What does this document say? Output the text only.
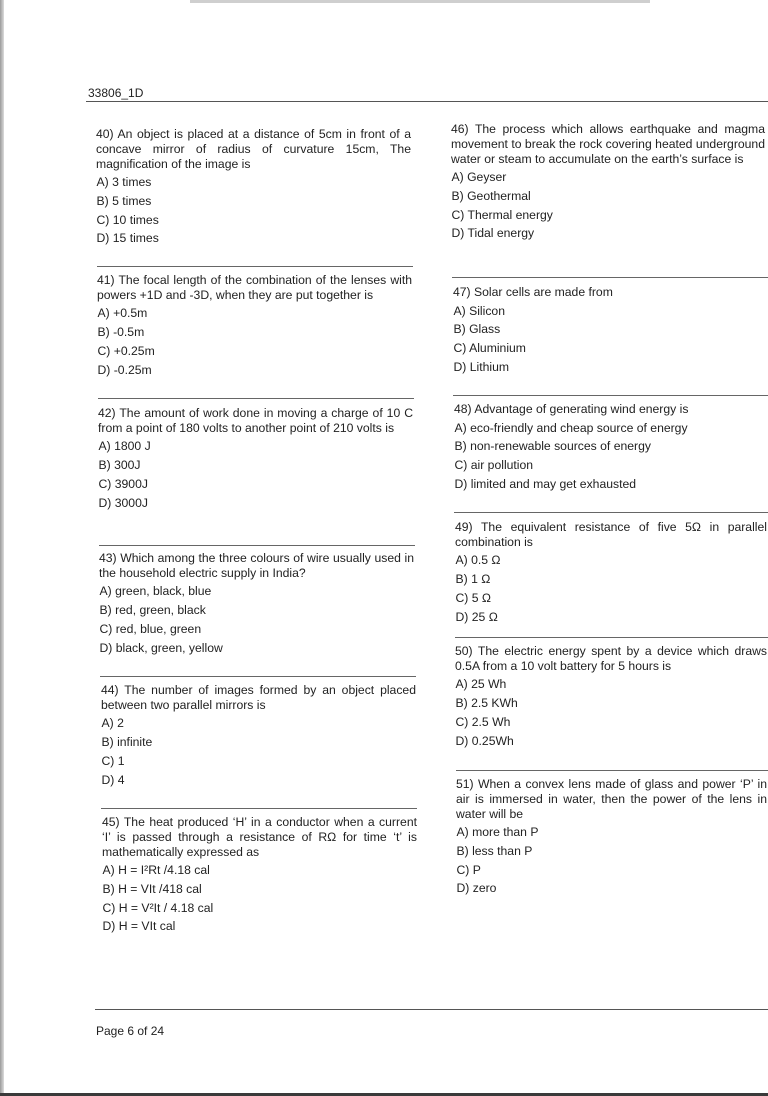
33806_1D
40) An object is placed at a distance of 5cm in front of a concave mirror of radius of curvature 15cm, The magnification of the image is
A) 3 times
B) 5 times
C) 10 times
D) 15 times
41) The focal length of the combination of the lenses with powers +1D and -3D, when they are put together is
A) +0.5m
B) -0.5m
C) +0.25m
D) -0.25m
42) The amount of work done in moving a charge of 10 C from a point of 180 volts to another point of 210 volts is
A) 1800 J
B) 300J
C) 3900J
D) 3000J
43) Which among the three colours of wire usually used in the household electric supply in India?
A) green, black, blue
B) red, green, black
C) red, blue, green
D) black, green, yellow
44) The number of images formed by an object placed between two parallel mirrors is
A) 2
B) infinite
C) 1
D) 4
45) The heat produced ‘H’ in a conductor when a current ‘I’ is passed through a resistance of RΩ for time ‘t’ is mathematically expressed as
A) H = I²Rt /4.18 cal
B) H = VIt /418 cal
C) H = V²It / 4.18 cal
D) H = VIt cal
46) The process which allows earthquake and magma movement to break the rock covering heated underground water or steam to accumulate on the earth’s surface is
A) Geyser
B) Geothermal
C) Thermal energy
D) Tidal energy
47) Solar cells are made from
A) Silicon
B) Glass
C) Aluminium
D) Lithium
48) Advantage of generating wind energy is
A) eco-friendly and cheap source of energy
B) non-renewable sources of energy
C) air pollution
D) limited and may get exhausted
49) The equivalent resistance of five 5Ω in parallel combination is
A) 0.5 Ω
B) 1 Ω
C) 5 Ω
D) 25 Ω
50) The electric energy spent by a device which draws 0.5A from a 10 volt battery for 5 hours is
A) 25 Wh
B) 2.5 KWh
C) 2.5 Wh
D) 0.25Wh
51) When a convex lens made of glass and power ‘P’ in air is immersed in water, then the power of the lens in water will be
A) more than P
B) less than P
C) P
D) zero
Page 6 of 24
